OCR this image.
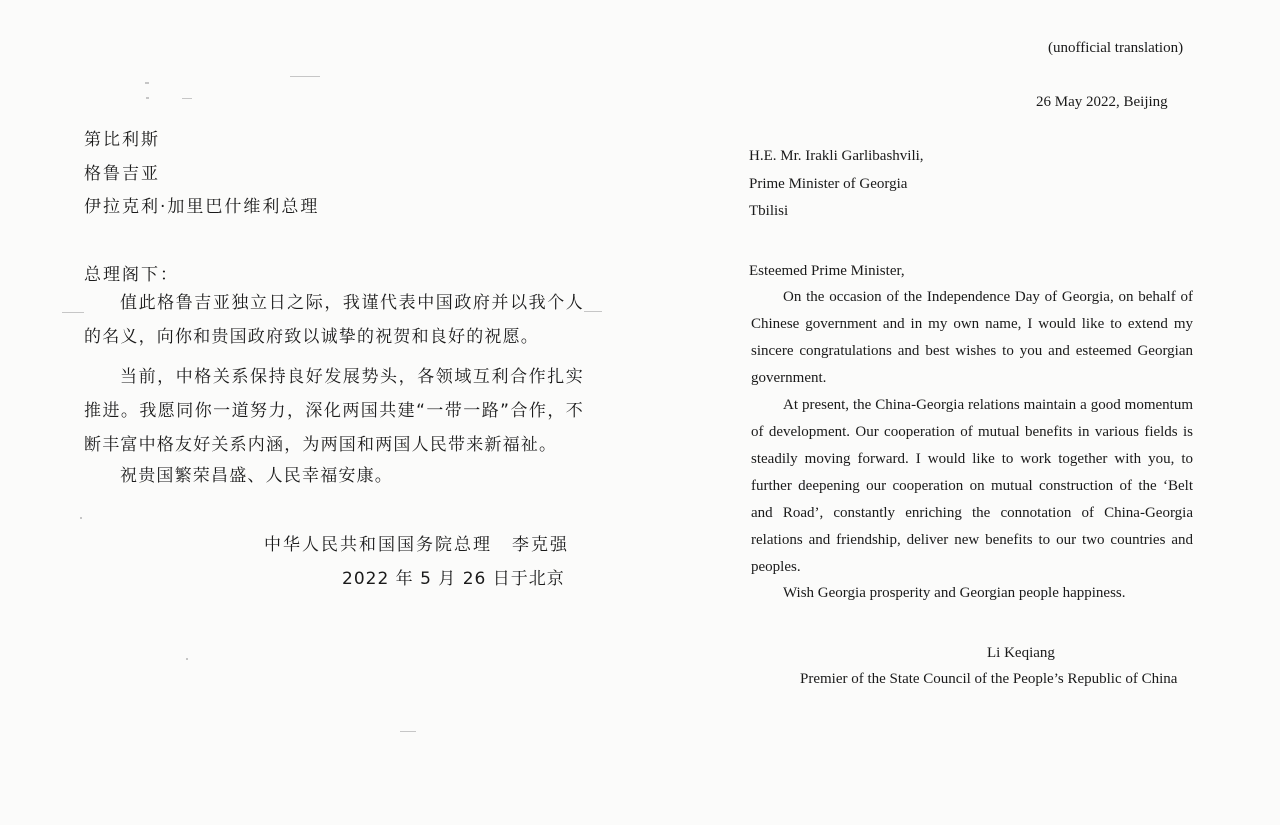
第比利斯
格鲁吉亚
伊拉克利·加里巴什维利总理
总理阁下：
值此格鲁吉亚独立日之际，我谨代表中国政府并以我个人的名义，向你和贵国政府致以诚挚的祝贺和良好的祝愿。
当前，中格关系保持良好发展势头，各领域互利合作扎实推进。我愿同你一道努力，深化两国共建“一带一路”合作，不断丰富中格友好关系内涵，为两国和两国人民带来新福祉。
祝贵国繁荣昌盛、人民幸福安康。
中华人民共和国国务院总理 李克强
2022 年 5 月 26 日于北京
(unofficial translation)
26 May 2022, Beijing
H.E. Mr. Irakli Garlibashvili,
Prime Minister of Georgia
Tbilisi
Esteemed Prime Minister,
On the occasion of the Independence Day of Georgia, on behalf of Chinese government and in my own name, I would like to extend my sincere congratulations and best wishes to you and esteemed Georgian government.
At present, the China-Georgia relations maintain a good momentum of development. Our cooperation of mutual benefits in various fields is steadily moving forward. I would like to work together with you, to further deepening our cooperation on mutual construction of the ‘Belt and Road’, constantly enriching the connotation of China-Georgia relations and friendship, deliver new benefits to our two countries and peoples.
Wish Georgia prosperity and Georgian people happiness.
Li Keqiang
Premier of the State Council of the People’s Republic of China
